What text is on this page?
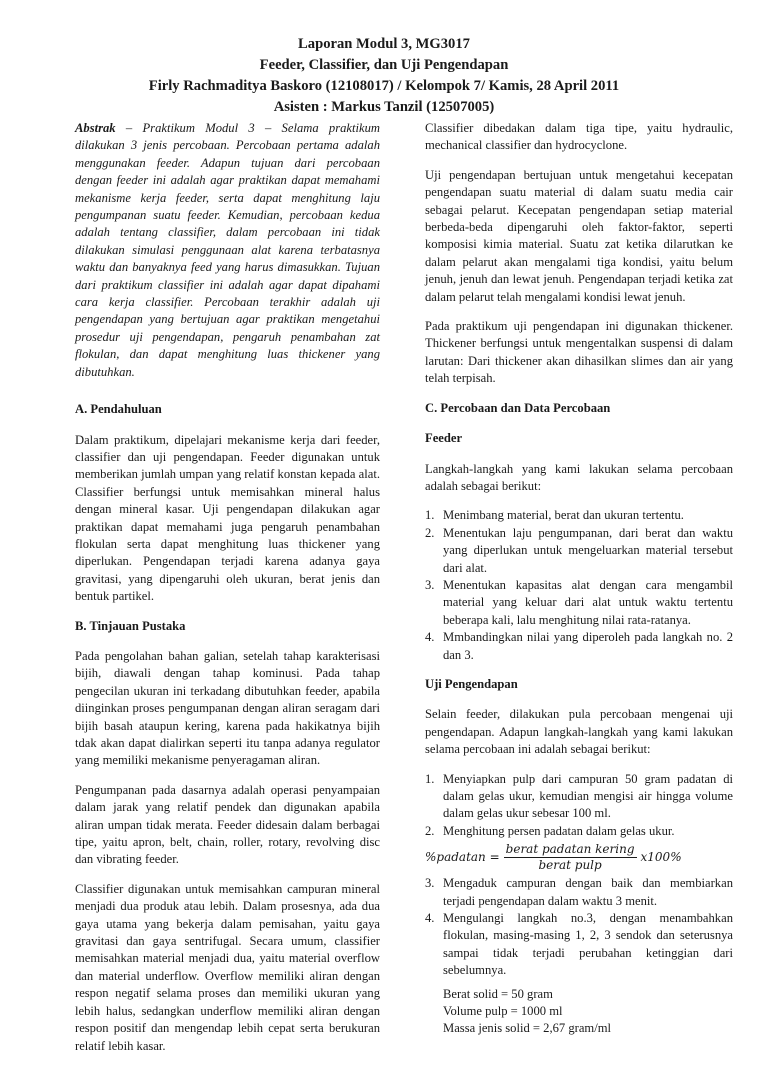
Laporan Modul 3, MG3017
Feeder, Classifier, dan Uji Pengendapan
Firly Rachmaditya Baskoro (12108017) / Kelompok 7/ Kamis, 28 April 2011
Asisten : Markus Tanzil (12507005)

Abstrak – Praktikum Modul 3 – Selama praktikum dilakukan 3 jenis percobaan. Percobaan pertama adalah menggunakan feeder. Adapun tujuan dari percobaan dengan feeder ini adalah agar praktikan dapat memahami mekanisme kerja feeder, serta dapat menghitung laju pengumpanan suatu feeder. Kemudian, percobaan kedua adalah tentang classifier, dalam percobaan ini tidak dilakukan simulasi penggunaan alat karena terbatasnya waktu dan banyaknya feed yang harus dimasukkan. Tujuan dari praktikum classifier ini adalah agar dapat dipahami cara kerja classifier. Percobaan terakhir adalah uji pengendapan yang bertujuan agar praktikan mengetahui prosedur uji pengendapan, pengaruh penambahan zat flokulan, dan dapat menghitung luas thickener yang dibutuhkan.

A. Pendahuluan

Dalam praktikum, dipelajari mekanisme kerja dari feeder, classifier dan uji pengendapan. Feeder digunakan untuk memberikan jumlah umpan yang relatif konstan kepada alat. Classifier berfungsi untuk memisahkan mineral halus dengan mineral kasar. Uji pengendapan dilakukan agar praktikan dapat memahami juga pengaruh penambahan flokulan serta dapat menghitung luas thickener yang diperlukan. Pengendapan terjadi karena adanya gaya gravitasi, yang dipengaruhi oleh ukuran, berat jenis dan bentuk partikel.

B. Tinjauan Pustaka

Pada pengolahan bahan galian, setelah tahap karakterisasi bijih, diawali dengan tahap kominusi. Pada tahap pengecilan ukuran ini terkadang dibutuhkan feeder, apabila diinginkan proses pengumpanan dengan aliran seragam dari bijih basah ataupun kering, karena pada hakikatnya bijih tdak akan dapat dialirkan seperti itu tanpa adanya regulator yang memiliki mekanisme penyeragaman aliran.

Pengumpanan pada dasarnya adalah operasi penyampaian dalam jarak yang relatif pendek dan digunakan apabila aliran umpan tidak merata. Feeder didesain dalam berbagai tipe, yaitu apron, belt, chain, roller, rotary, revolving disc dan vibrating feeder.

Classifier digunakan untuk memisahkan campuran mineral menjadi dua produk atau lebih. Dalam prosesnya, ada dua gaya utama yang bekerja dalam pemisahan, yaitu gaya gravitasi dan gaya sentrifugal. Secara umum, classifier memisahkan material menjadi dua, yaitu material overflow dan material underflow. Overflow memiliki aliran dengan respon negatif selama proses dan memiliki ukuran yang lebih halus, sedangkan underflow memiliki aliran dengan respon positif dan mengendap lebih cepat serta berukuran relatif lebih kasar.

Classifier dibedakan dalam tiga tipe, yaitu hydraulic, mechanical classifier dan hydrocyclone.

Uji pengendapan bertujuan untuk mengetahui kecepatan pengendapan suatu material di dalam suatu media cair sebagai pelarut. Kecepatan pengendapan setiap material berbeda-beda dipengaruhi oleh faktor-faktor, seperti komposisi kimia material. Suatu zat ketika dilarutkan ke dalam pelarut akan mengalami tiga kondisi, yaitu belum jenuh, jenuh dan lewat jenuh. Pengendapan terjadi ketika zat dalam pelarut telah mengalami kondisi lewat jenuh.

Pada praktikum uji pengendapan ini digunakan thickener. Thickener berfungsi untuk mengentalkan suspensi di dalam larutan: Dari thickener akan dihasilkan slimes dan air yang telah terpisah.

C. Percobaan dan Data Percobaan
Feeder

Langkah-langkah yang kami lakukan selama percobaan adalah sebagai berikut:

1. Menimbang material, berat dan ukuran tertentu.
2. Menentukan laju pengumpanan, dari berat dan waktu yang diperlukan untuk mengeluarkan material tersebut dari alat.
3. Menentukan kapasitas alat dengan cara mengambil material yang keluar dari alat untuk waktu tertentu beberapa kali, lalu menghitung nilai rata-ratanya.
4. Mmbandingkan nilai yang diperoleh pada langkah no. 2 dan 3.
Uji Pengendapan

Selain feeder, dilakukan pula percobaan mengenai uji pengendapan. Adapun langkah-langkah yang kami lakukan selama percobaan ini adalah sebagai berikut:

1. Menyiapkan pulp dari campuran 50 gram padatan di dalam gelas ukur, kemudian mengisi air hingga volume dalam gelas ukur sebesar 100 ml.
2. Menghitung persen padatan dalam gelas ukur.
%padatan = $\frac{\text{berat padatan kering}}{\text{berat pulp}} x100\%$
3. Mengaduk campuran dengan baik dan membiarkan terjadi pengendapan dalam waktu 3 menit.
4. Mengulangi langkah no.3, dengan menambahkan flokulan, masing-masing 1, 2, 3 sendok dan seterusnya sampai tidak terjadi perubahan ketinggian dari sebelumnya.
Berat solid = 50 gram
Volume pulp = 1000 ml
Massa jenis solid = 2,67 gram/ml
